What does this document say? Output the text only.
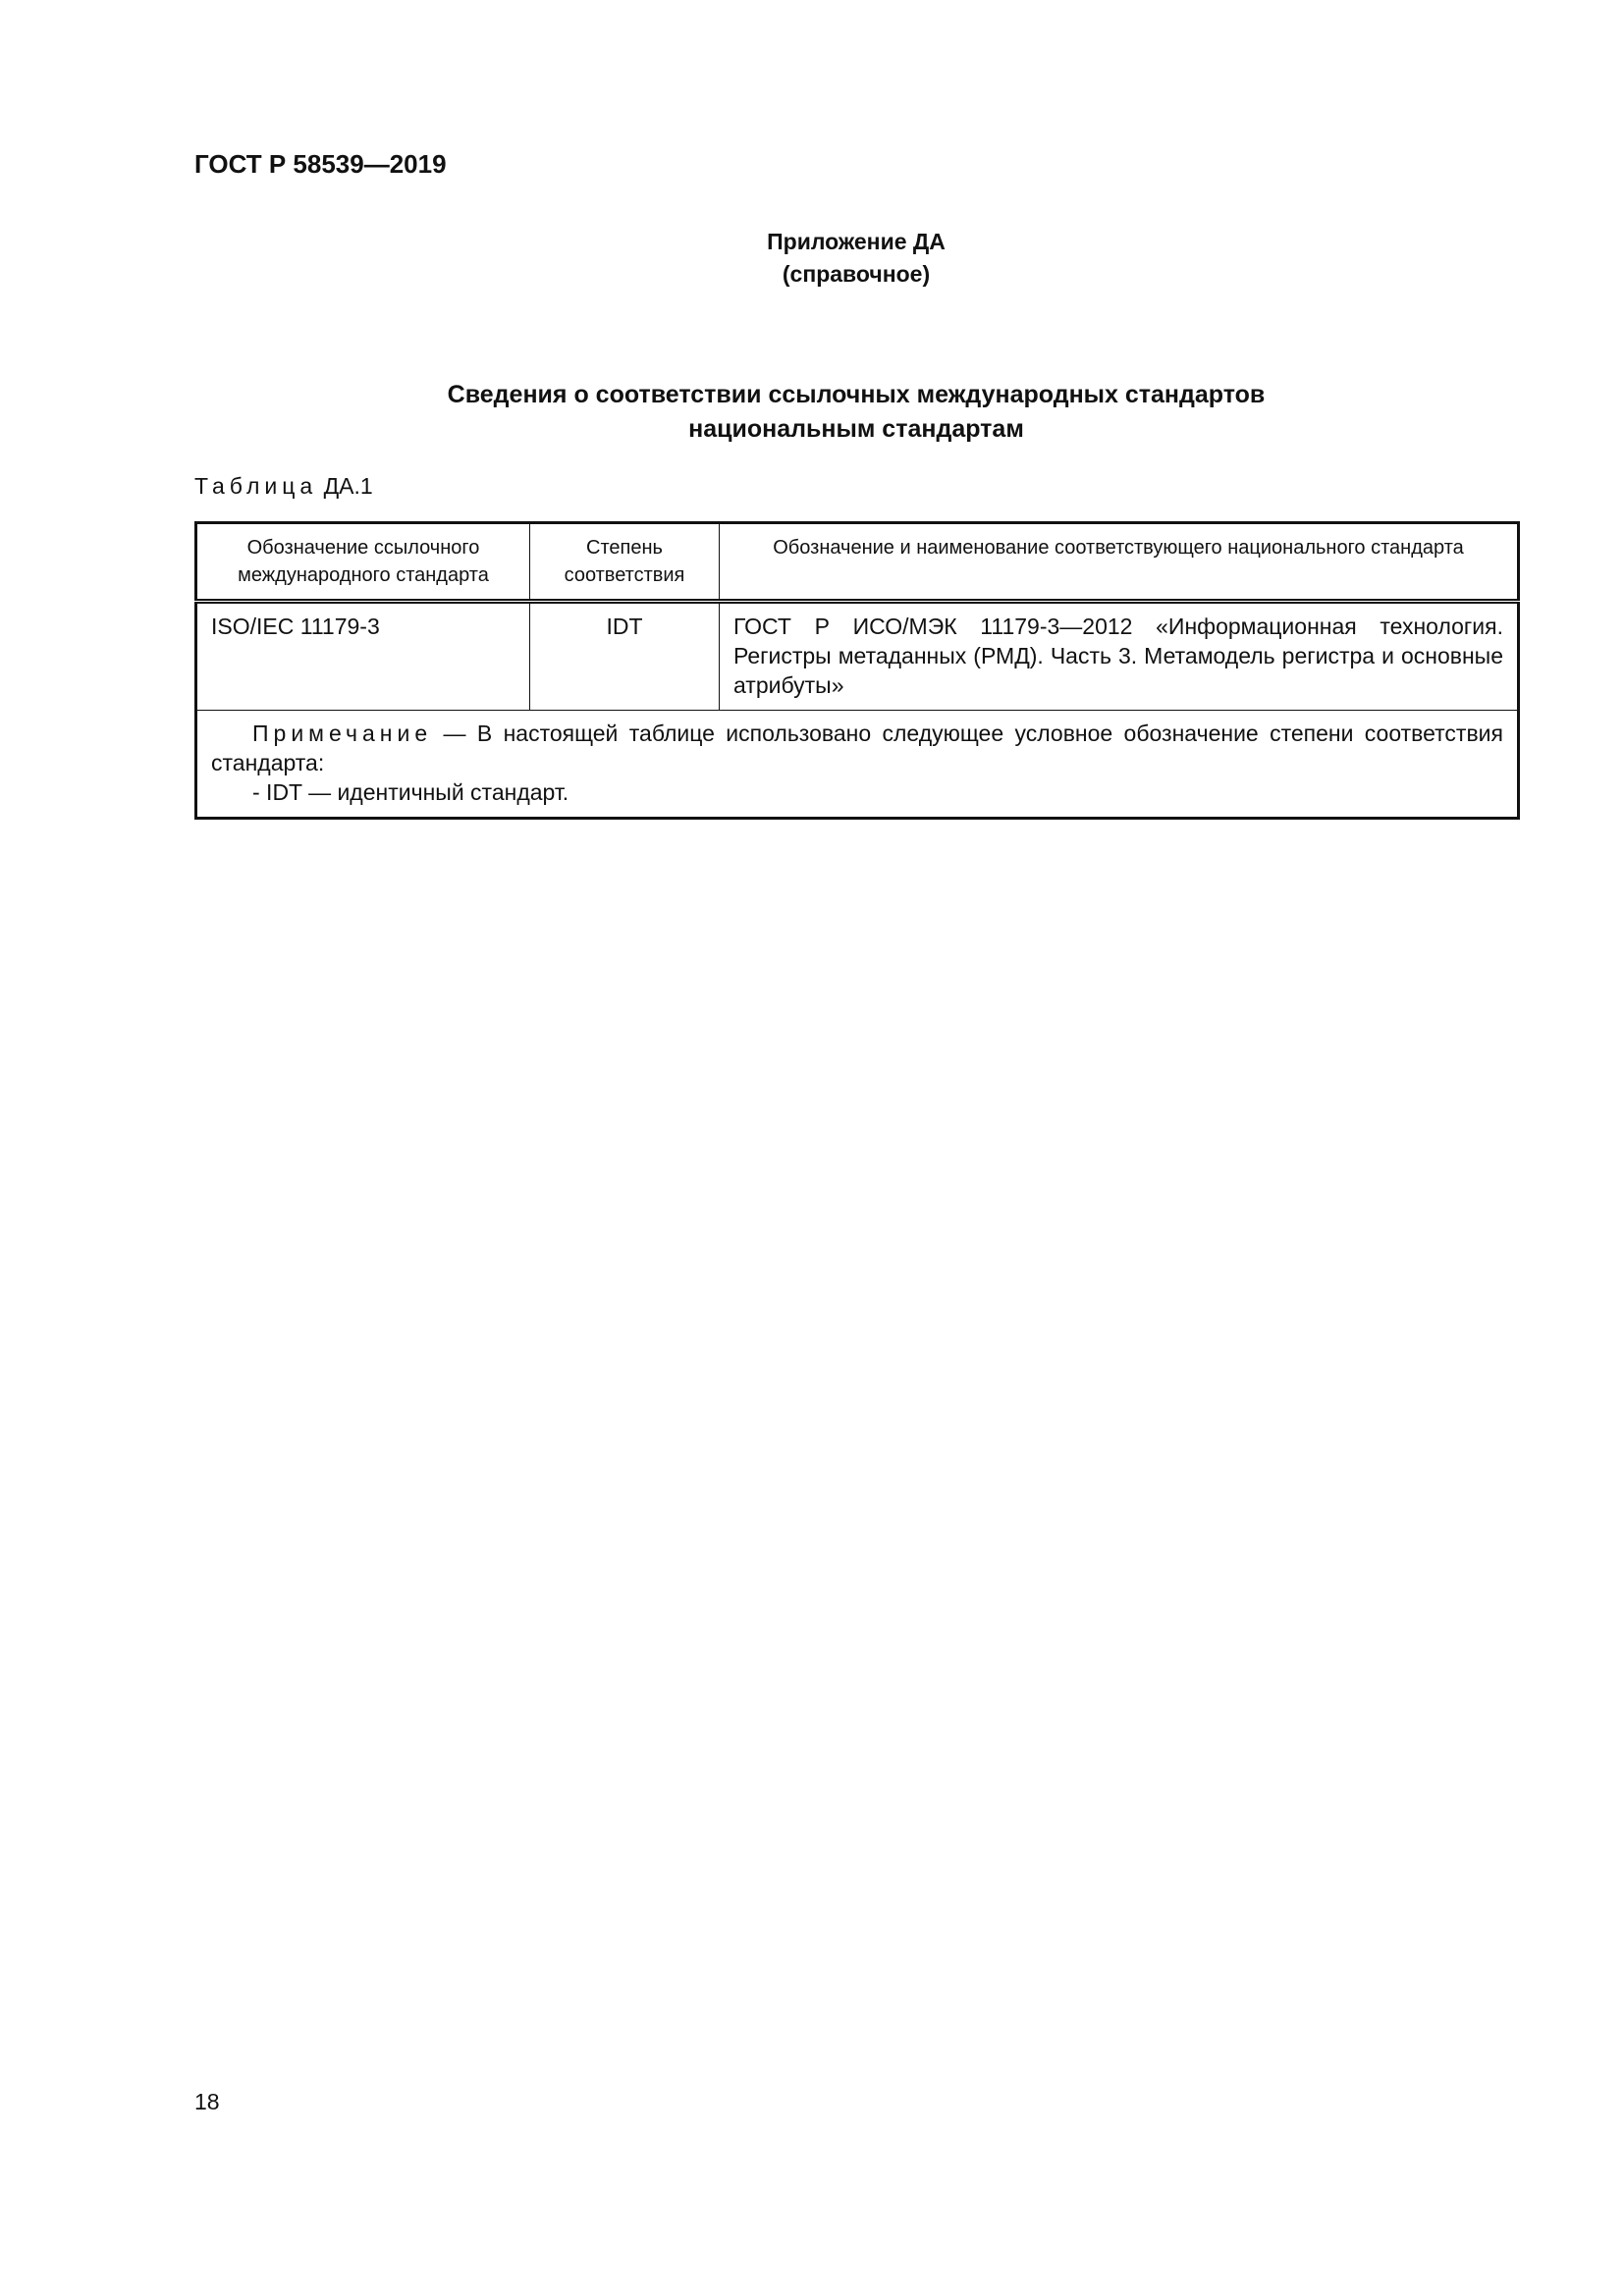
ГОСТ Р 58539—2019
Приложение ДА
(справочное)
Сведения о соответствии ссылочных международных стандартов
национальным стандартам
Таблица ДА.1
Обозначение ссылочного международного стандарта	Степень соответствия	Обозначение и наименование соответствующего национального стандарта
ISO/IEC 11179-3	IDT	ГОСТ Р ИСО/МЭК 11179-3—2012 «Информационная технология. Регистры метаданных (РМД). Часть 3. Метамодель регистра и основные атрибуты»

Примечание — В настоящей таблице использовано следующее условное обозначение степени соответствия стандарта:
- IDT — идентичный стандарт.		
18
